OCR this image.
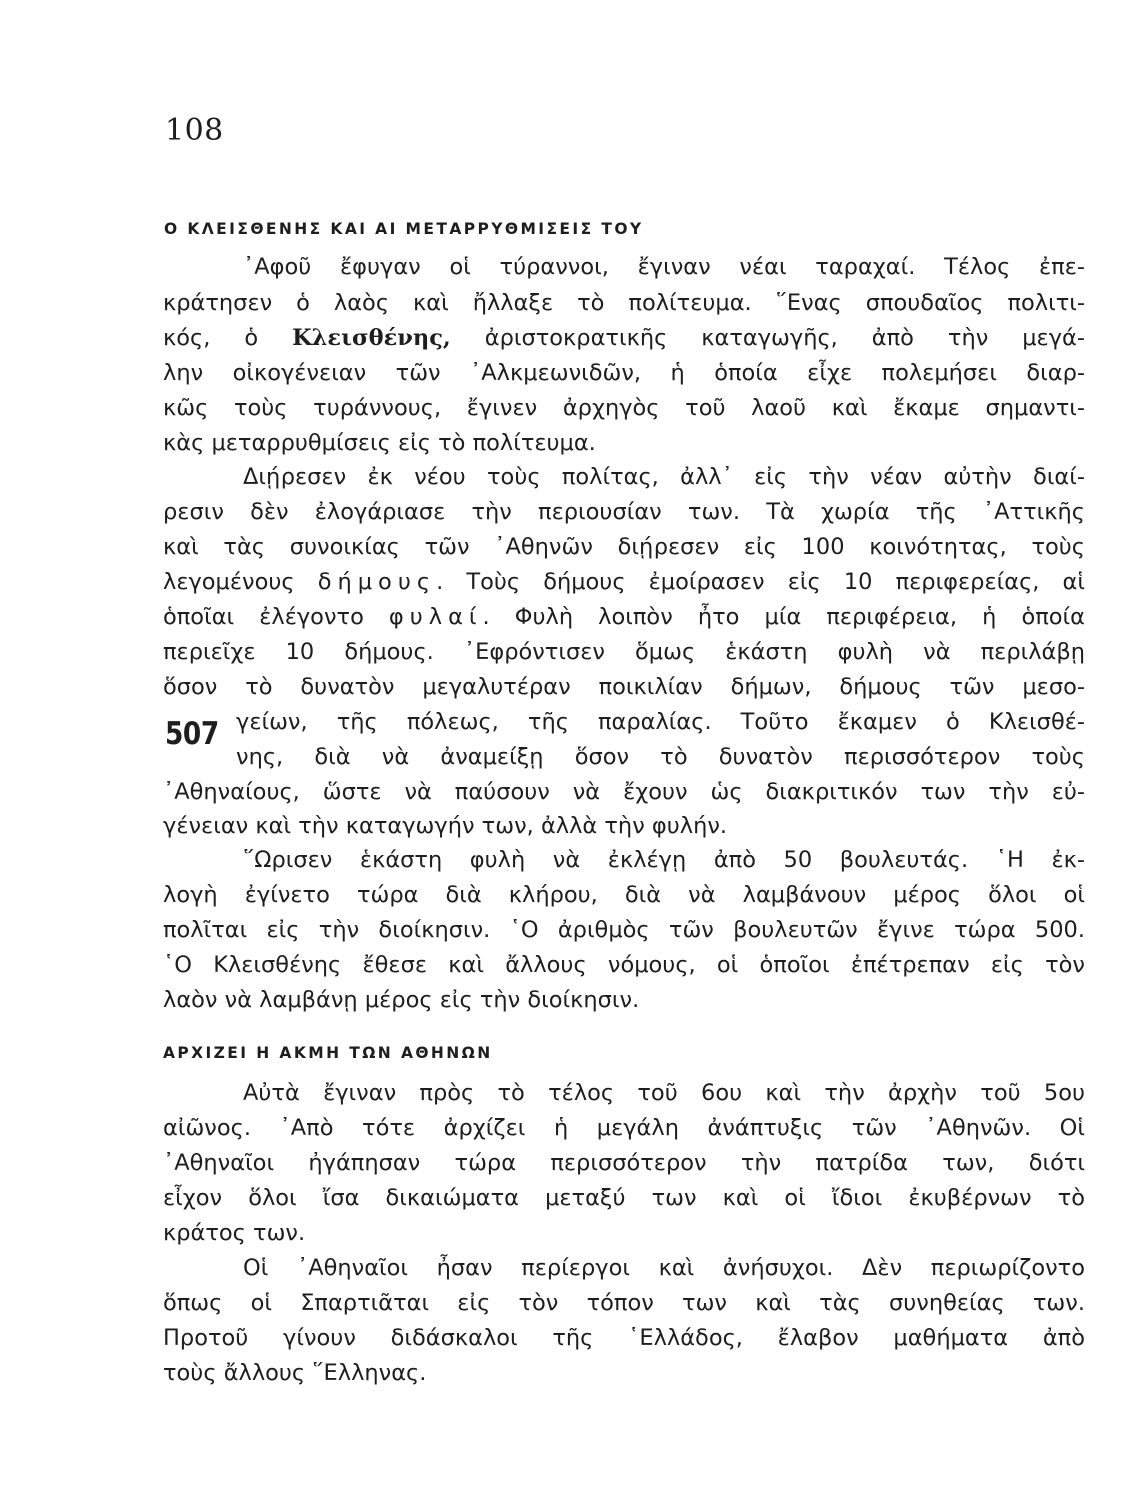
108
Ο ΚΛΕΙΣΘΕΝΗΣ ΚΑΙ ΑΙ ΜΕΤΑΡΡΥΘΜΙΣΕΙΣ ΤΟΥ
᾿Αφοῦ ἔφυγαν οἱ τύραννοι, ἔγιναν νέαι ταραχαί. Τέλος ἐπε-
κράτησεν ὁ λαὸς καὶ ἤλλαξε τὸ πολίτευμα. ῞Ενας σπουδαῖος πολιτι-
κός, ὁ Κλεισθένης, ἀριστοκρατικῆς καταγωγῆς, ἀπὸ τὴν μεγά-
λην οἰκογένειαν τῶν ᾿Αλκμεωνιδῶν, ἡ ὁποία εἶχε πολεμήσει διαρ-
κῶς τοὺς τυράννους, ἔγινεν ἀρχηγὸς τοῦ λαοῦ καὶ ἔκαμε σημαντι-
κὰς μεταρρυθμίσεις εἰς τὸ πολίτευμα.
Διῄρεσεν ἐκ νέου τοὺς πολίτας, ἀλλ᾿ εἰς τὴν νέαν αὐτὴν διαί-
ρεσιν δὲν ἐλογάριασε τὴν περιουσίαν των. Τὰ χωρία τῆς ᾿Αττικῆς
καὶ τὰς συνοικίας τῶν ᾿Αθηνῶν διῄρεσεν εἰς 100 κοινότητας, τοὺς
λεγομένους δήμους. Τοὺς δήμους ἐμοίρασεν εἰς 10 περιφερείας, αἱ
ὁποῖαι ἐλέγοντο φυλαί. Φυλὴ λοιπὸν ἦτο μία περιφέρεια, ἡ ὁποία
περιεῖχε 10 δήμους. ᾿Εφρόντισεν ὅμως ἑκάστη φυλὴ νὰ περιλάβῃ
ὅσον τὸ δυνατὸν μεγαλυτέραν ποικιλίαν δήμων, δήμους τῶν μεσο-
γείων, τῆς πόλεως, τῆς παραλίας. Τοῦτο ἔκαμεν ὁ Κλεισθέ-
507
νης, διὰ νὰ ἀναμείξῃ ὅσον τὸ δυνατὸν περισσότερον τοὺς
᾿Αθηναίους, ὥστε νὰ παύσουν νὰ ἔχουν ὡς διακριτικόν των τὴν εὐ-
γένειαν καὶ τὴν καταγωγήν των, ἀλλὰ τὴν φυλήν.
῞Ωρισεν ἑκάστη φυλὴ νὰ ἐκλέγῃ ἀπὸ 50 βουλευτάς. ῾Η ἐκ-
λογὴ ἐγίνετο τώρα διὰ κλήρου, διὰ νὰ λαμβάνουν μέρος ὅλοι οἱ
πολῖται εἰς τὴν διοίκησιν. ῾Ο ἀριθμὸς τῶν βουλευτῶν ἔγινε τώρα 500.
῾Ο Κλεισθένης ἔθεσε καὶ ἄλλους νόμους, οἱ ὁποῖοι ἐπέτρεπαν εἰς τὸν
λαὸν νὰ λαμβάνῃ μέρος εἰς τὴν διοίκησιν.
ΑΡΧΙΖΕΙ Η ΑΚΜΗ ΤΩΝ ΑΘΗΝΩΝ
Αὐτὰ ἔγιναν πρὸς τὸ τέλος τοῦ 6ου καὶ τὴν ἀρχὴν τοῦ 5ου
αἰῶνος. ᾿Απὸ τότε ἀρχίζει ἡ μεγάλη ἀνάπτυξις τῶν ᾿Αθηνῶν. Οἱ
᾿Αθηναῖοι ἠγάπησαν τώρα περισσότερον τὴν πατρίδα των, διότι
εἶχον ὅλοι ἴσα δικαιώματα μεταξύ των καὶ οἱ ἴδιοι ἐκυβέρνων τὸ
κράτος των.
Οἱ ᾿Αθηναῖοι ἦσαν περίεργοι καὶ ἀνήσυχοι. Δὲν περιωρίζοντο
ὅπως οἱ Σπαρτιᾶται εἰς τὸν τόπον των καὶ τὰς συνηθείας των.
Προτοῦ γίνουν διδάσκαλοι τῆς ῾Ελλάδος, ἔλαβον μαθήματα ἀπὸ
τοὺς ἄλλους ῞Ελληνας.
